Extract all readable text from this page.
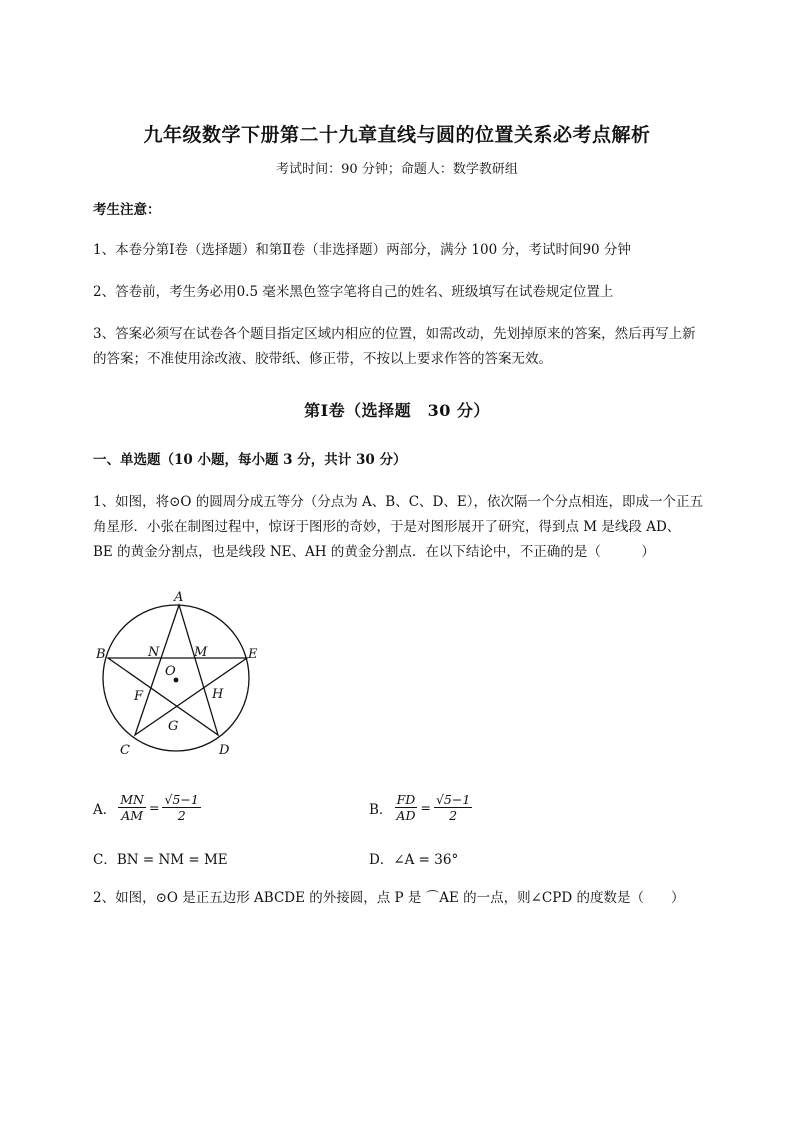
九年级数学下册第二十九章直线与圆的位置关系必考点解析
考试时间：90 分钟；命题人：数学教研组
考生注意：
1、本卷分第Ⅰ卷（选择题）和第Ⅱ卷（非选择题）两部分，满分 100 分，考试时间90 分钟
2、答卷前，考生务必用0.5 毫米黑色签字笔将自己的姓名、班级填写在试卷规定位置上
3、答案必须写在试卷各个题目指定区域内相应的位置，如需改动，先划掉原来的答案，然后再写上新
的答案；不准使用涂改液、胶带纸、修正带，不按以上要求作答的答案无效。
第Ⅰ卷（选择题　30 分）
一、单选题（10 小题，每小题 3 分，共计 30 分）
1、如图，将⊙O 的圆周分成五等分（分点为 A、B、C、D、E），依次隔一个分点相连，即成一个正五
角星形．小张在制图过程中，惊讶于图形的奇妙，于是对图形展开了研究，得到点 M 是线段 AD、
BE 的黄金分割点，也是线段 NE、AH 的黄金分割点．在以下结论中，不正确的是（　　　）
A
B	E
N	M
O
F	H
G
C	D
A． $\frac{MN}{AM} = \frac{√5-1}{2}$	B． $\frac{FD}{AD} = \frac{√5-1}{2}$
C．BN = NM = ME	D．∠A = 36°
2、如图，⊙O 是正五边形 ABCDE 的外接圆，点 P 是 ⌒AE 的一点，则∠CPD 的度数是（　　）
